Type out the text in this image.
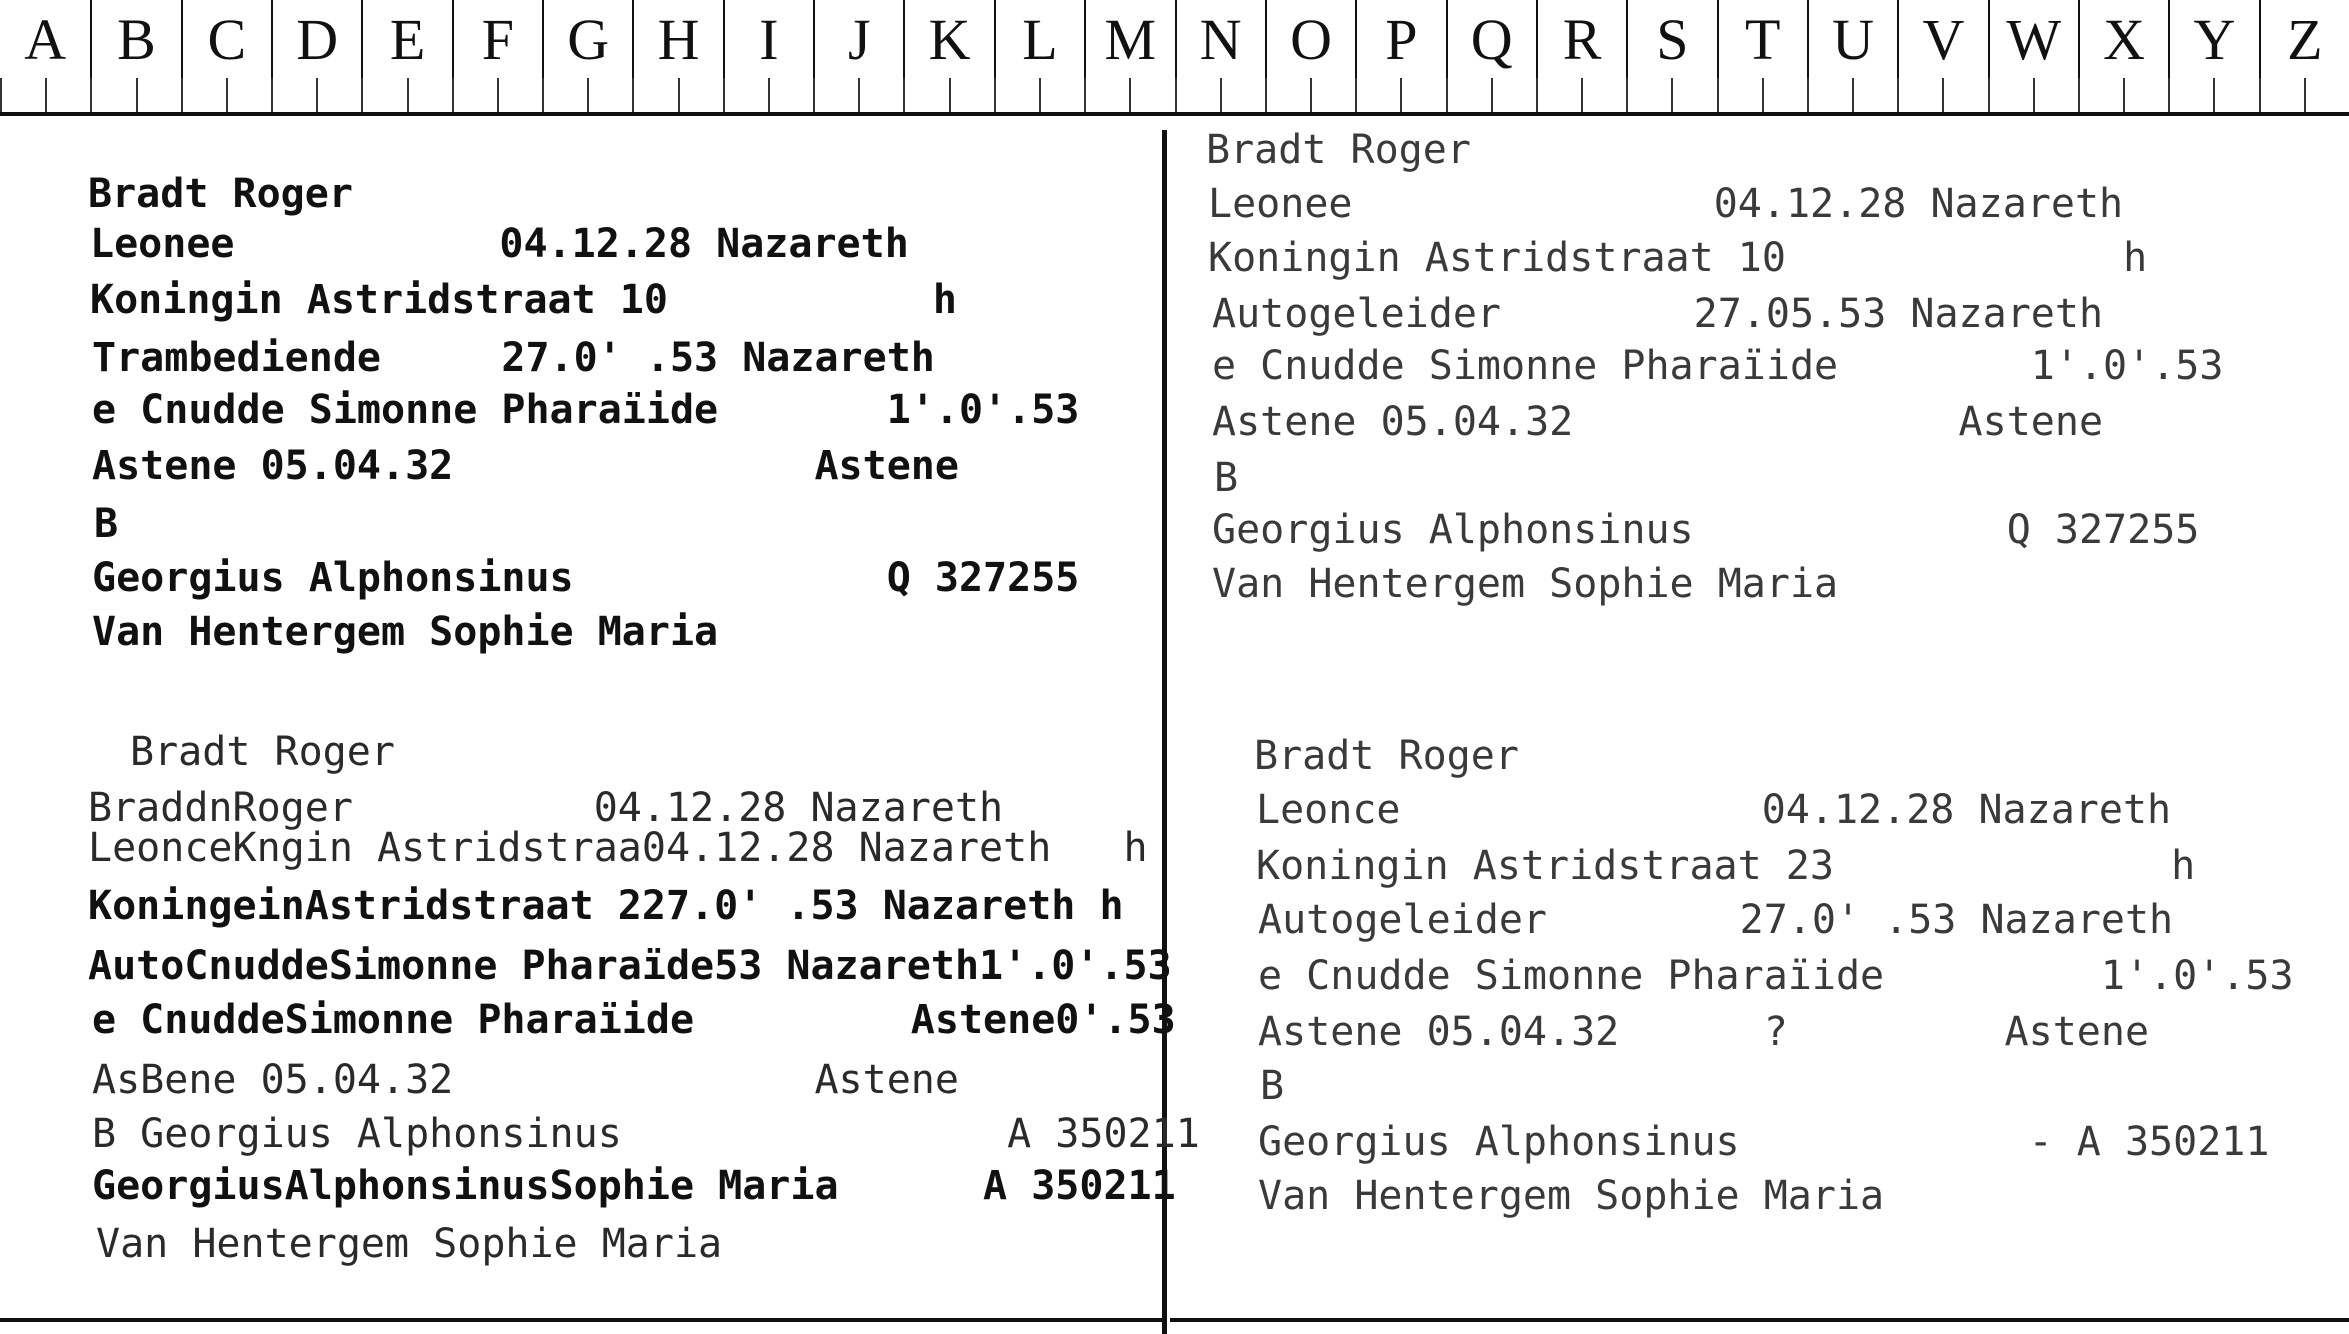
A B C D E F G H	I	J	K L M N O P Q R S T U V W X Y Z
Bradt Roger
Leonee           04.12.28 Nazareth
Koningin Astridstraat 10           h
Trambediende     27.0' .53 Nazareth
e Cnudde Simonne Pharaïide       1'.0'.53
Astene 05.04.32               Astene
B
Georgius Alphonsinus             Q 327255
Van Hentergem Sophie Maria
Bradt Roger
Leonee               04.12.28 Nazareth
Koningin Astridstraat 10              h
Autogeleider        27.05.53 Nazareth
e Cnudde Simonne Pharaïide        1'.0'.53
Astene 05.04.32                Astene
B
Georgius Alphonsinus             Q 327255
Van Hentergem Sophie Maria
Bradt Roger
BraddnRoger          04.12.28 Nazareth
LeonceKngin Astridstraa04.12.28 Nazareth   h
KoningeinAstridstraat 227.0' .53 Nazareth h
AutoCnuddeSimonne Pharaïde53 Nazareth1'.0'.53
e CnuddeSimonne Pharaïide         Astene0'.53
AsBene 05.04.32               Astene
B Georgius Alphonsinus                A 350211
GeorgiusAlphonsinusSophie Maria      A 350211
Van Hentergem Sophie Maria
Bradt Roger
Leonce               04.12.28 Nazareth
Koningin Astridstraat 23              h
Autogeleider        27.0' .53 Nazareth
e Cnudde Simonne Pharaïide         1'.0'.53
Astene 05.04.32      ?         Astene
B
Georgius Alphonsinus            - A 350211
Van Hentergem Sophie Maria
